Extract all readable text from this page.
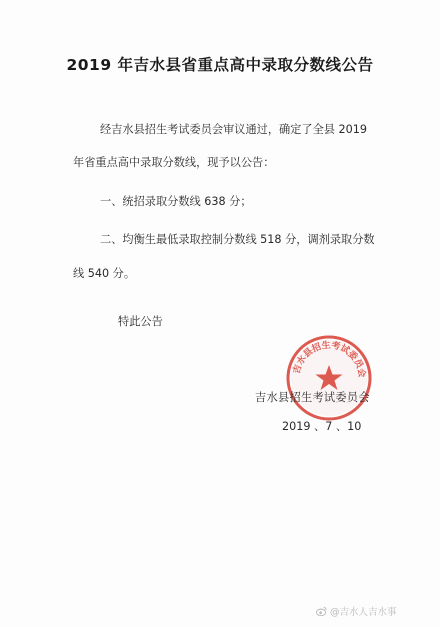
2019 年吉水县省重点高中录取分数线公告
经吉水县招生考试委员会审议通过，确定了全县 2019
年省重点高中录取分数线，现予以公告：
一、统招录取分数线 638 分；
二、均衡生最低录取控制分数线 518 分，调剂录取分数
线 540 分。
特此公告
吉水县招生考试委员会
吉水县招生考试委员会
2019 、7 、10
@吉水人吉水事
